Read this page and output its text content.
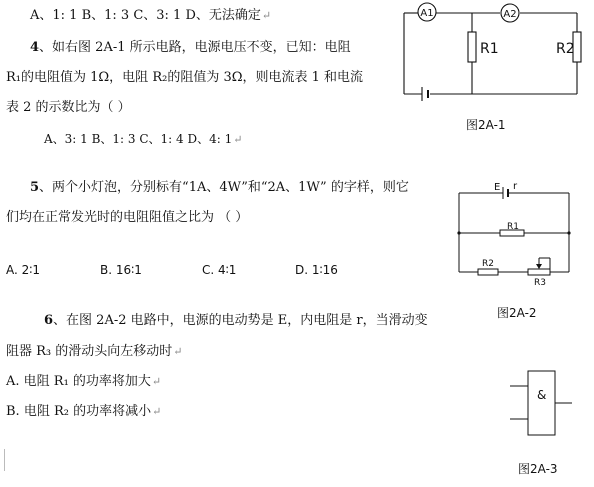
A、1: 1 B、1: 3 C、3: 1 D、无法确定↵
4、如右图 2A-1 所示电路，电源电压不变，已知：电阻
R₁的电阻值为 1Ω，电阻 R₂的阻值为 3Ω，则电流表 1 和电流
表 2 的示数比为（ ）
A、3: 1 B、1: 3 C、1: 4 D、4: 1↵
5、两个小灯泡，分别标有“1A、4W”和“2A、1W” 的字样，则它
们均在正常发光时的电阻阻值之比为 （ ）
A. 2∶1	B. 16∶1	C. 4∶1	D. 1∶16
6、在图 2A-2 电路中，电源的电动势是 E，内电阻是 r，当滑动变
阻器 R₃ 的滑动头向左移动时↵
A. 电阻 R₁ 的功率将加大↵
B. 电阻 R₂ 的功率将减小↵
A1	A2
R1	R2
图2A-1
E r
R1
R2
R3
图2A-2
&
图2A-3
